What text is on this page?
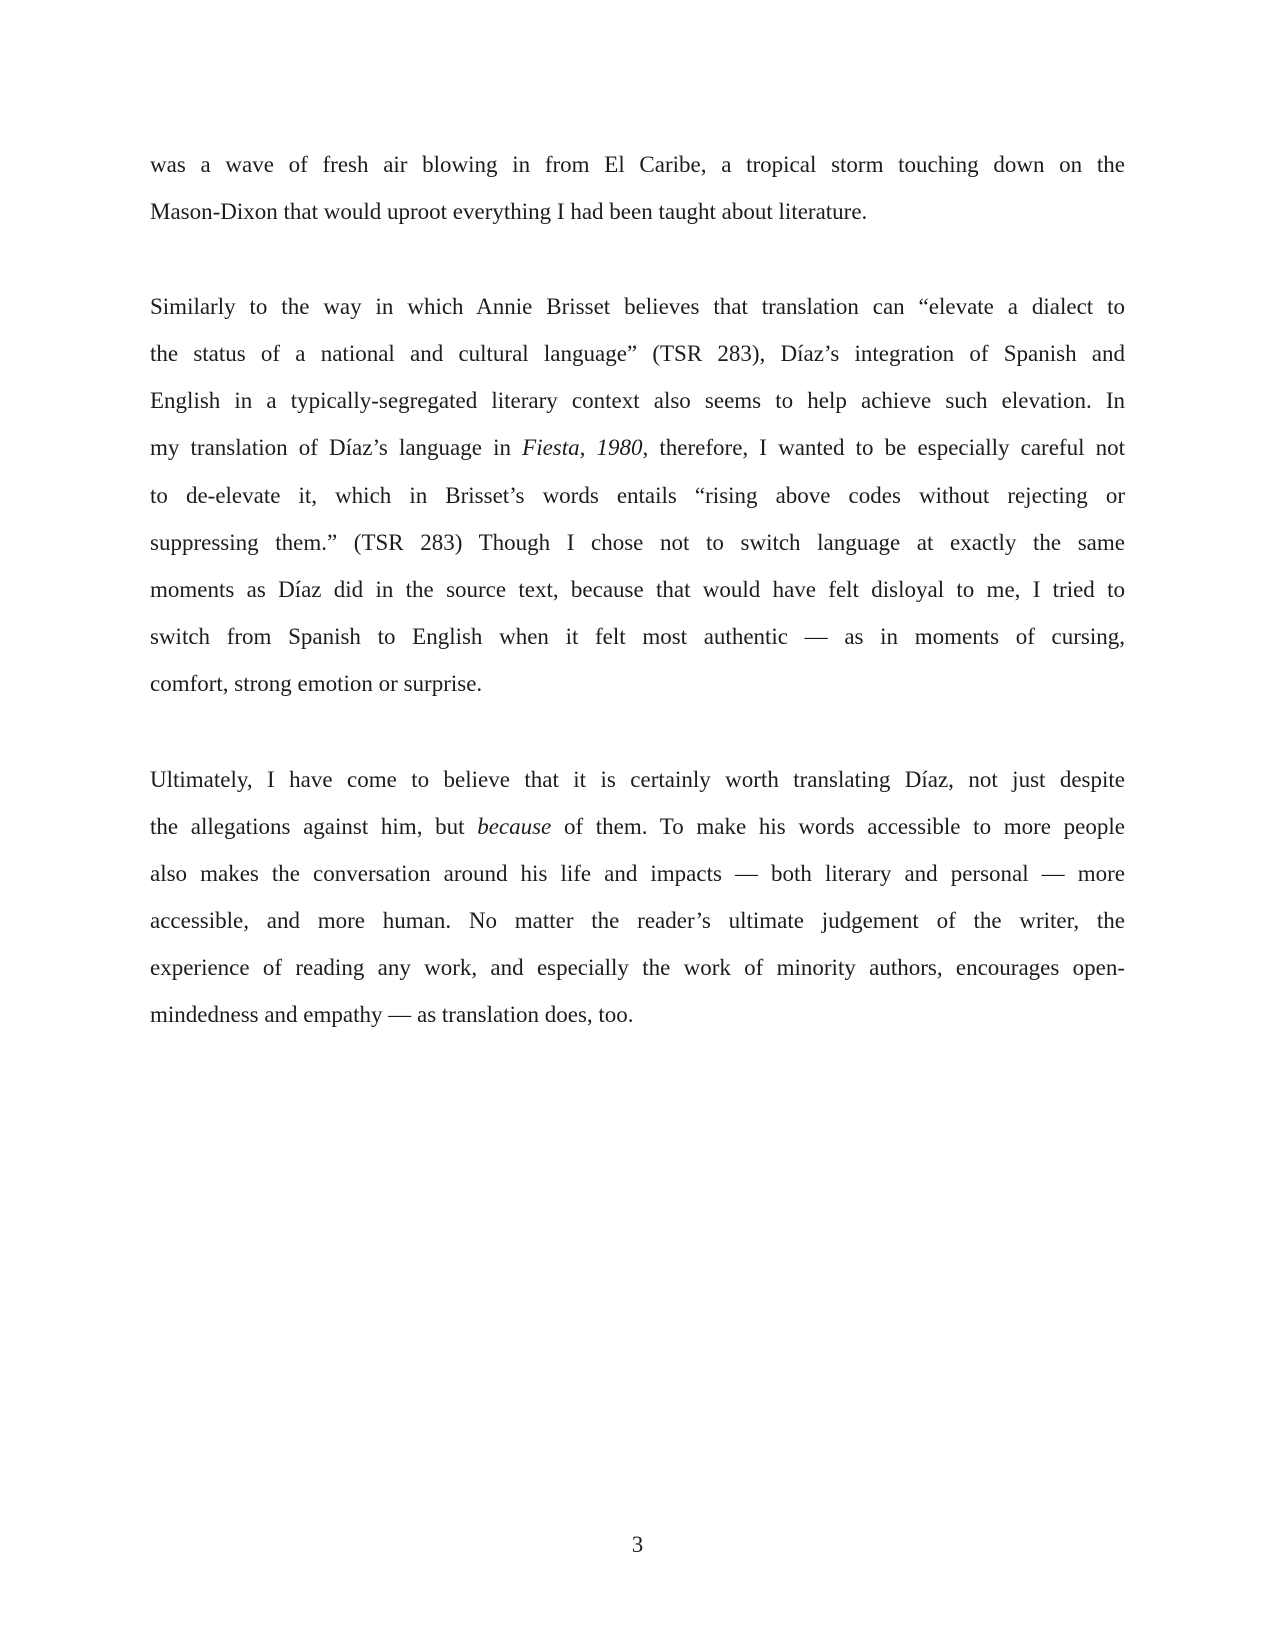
was a wave of fresh air blowing in from El Caribe, a tropical storm touching down on the
Mason-Dixon that would uproot everything I had been taught about literature.
Similarly to the way in which Annie Brisset believes that translation can “elevate a dialect to
the status of a national and cultural language” (TSR 283), Díaz’s integration of Spanish and
English in a typically-segregated literary context also seems to help achieve such elevation. In
my translation of Díaz’s language in Fiesta, 1980, therefore, I wanted to be especially careful not
to de-elevate it, which in Brisset’s words entails “rising above codes without rejecting or
suppressing them.” (TSR 283) Though I chose not to switch language at exactly the same
moments as Díaz did in the source text, because that would have felt disloyal to me, I tried to
switch from Spanish to English when it felt most authentic — as in moments of cursing,
comfort, strong emotion or surprise.
Ultimately, I have come to believe that it is certainly worth translating Díaz, not just despite
the allegations against him, but because of them. To make his words accessible to more people
also makes the conversation around his life and impacts — both literary and personal — more
accessible, and more human. No matter the reader’s ultimate judgement of the writer, the
experience of reading any work, and especially the work of minority authors, encourages open-
mindedness and empathy — as translation does, too.
3
